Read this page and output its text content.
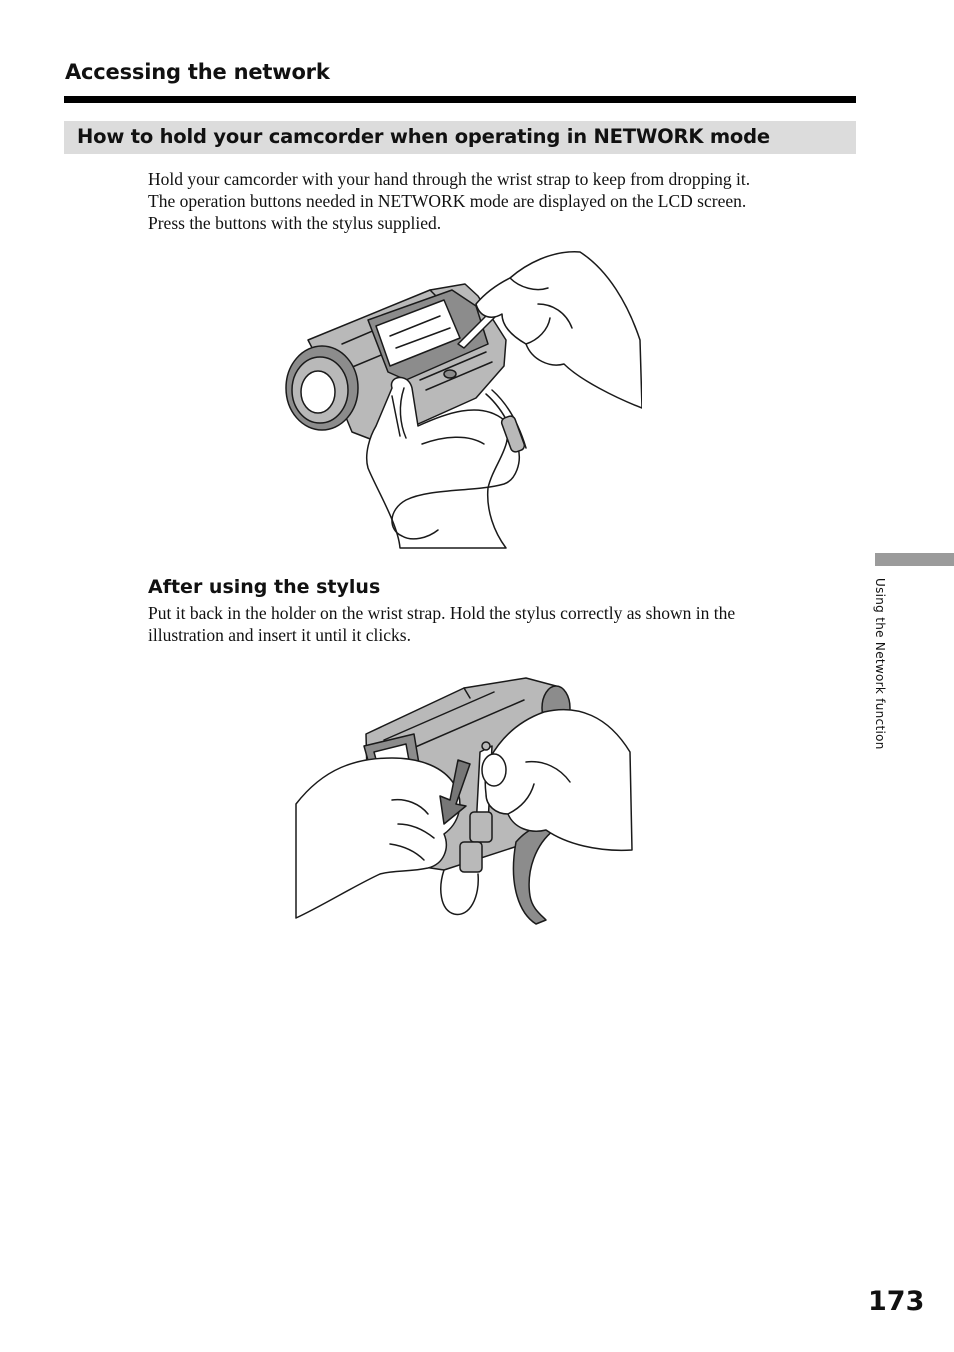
Accessing the network
How to hold your camcorder when operating in NETWORK mode

Hold your camcorder with your hand through the wrist strap to keep from dropping it.
The operation buttons needed in NETWORK mode are displayed on the LCD screen.
Press the buttons with the stylus supplied.

After using the stylus

Put it back in the holder on the wrist strap. Hold the stylus correctly as shown in the
illustration and insert it until it clicks.	Using the Network function
173
